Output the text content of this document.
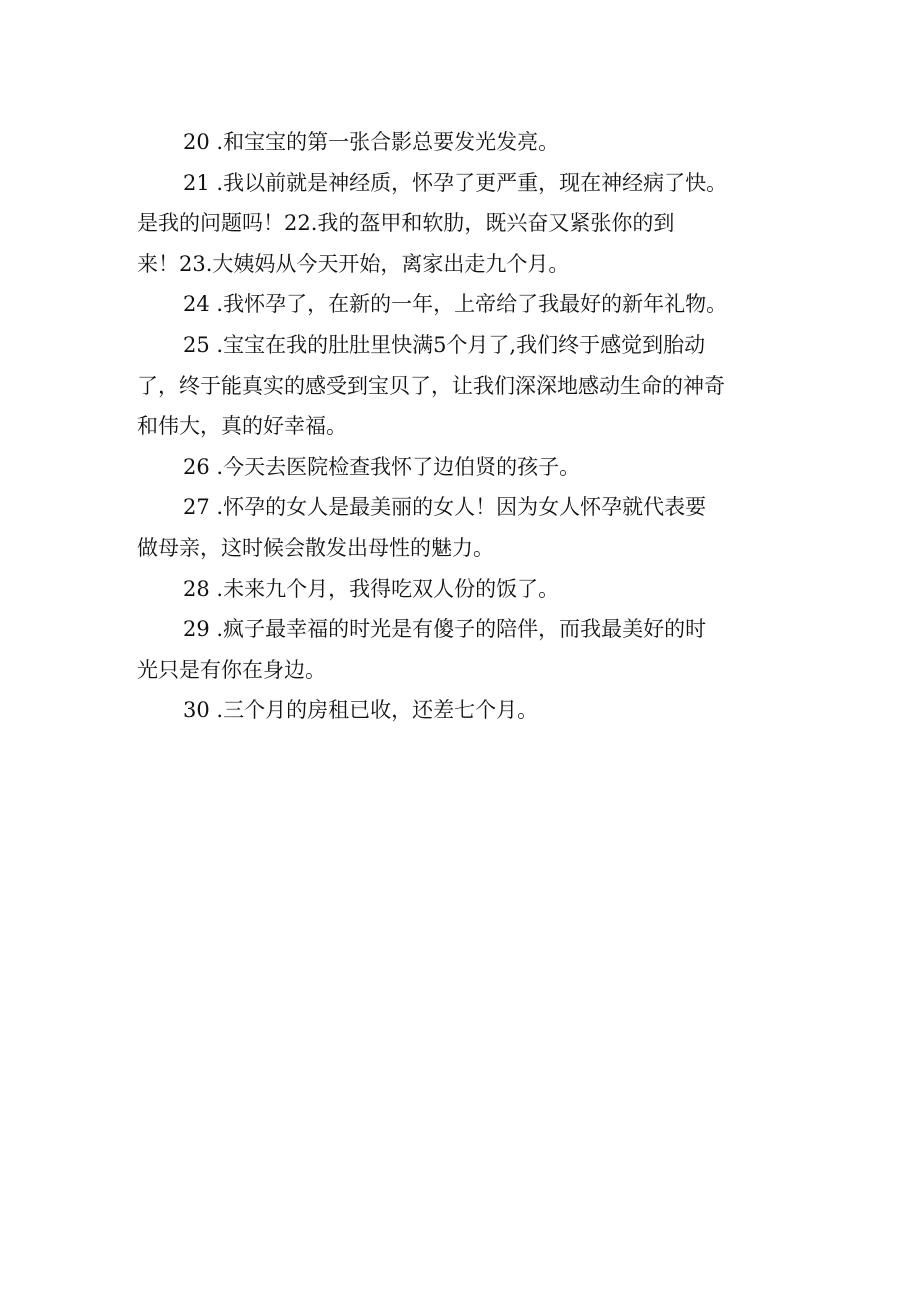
20 .和宝宝的第一张合影总要发光发亮。
21 .我以前就是神经质，怀孕了更严重，现在神经病了快。
是我的问题吗！22.我的盔甲和软肋，既兴奋又紧张你的到
来！23.大姨妈从今天开始，离家出走九个月。
24 .我怀孕了，在新的一年，上帝给了我最好的新年礼物。
25 .宝宝在我的肚肚里快满5个月了,我们终于感觉到胎动
了，终于能真实的感受到宝贝了，让我们深深地感动生命的神奇
和伟大，真的好幸福。
26 .今天去医院检查我怀了边伯贤的孩子。
27 .怀孕的女人是最美丽的女人！因为女人怀孕就代表要
做母亲，这时候会散发出母性的魅力。
28 .未来九个月，我得吃双人份的饭了。
29 .疯子最幸福的时光是有傻子的陪伴，而我最美好的时
光只是有你在身边。
30 .三个月的房租已收，还差七个月。
